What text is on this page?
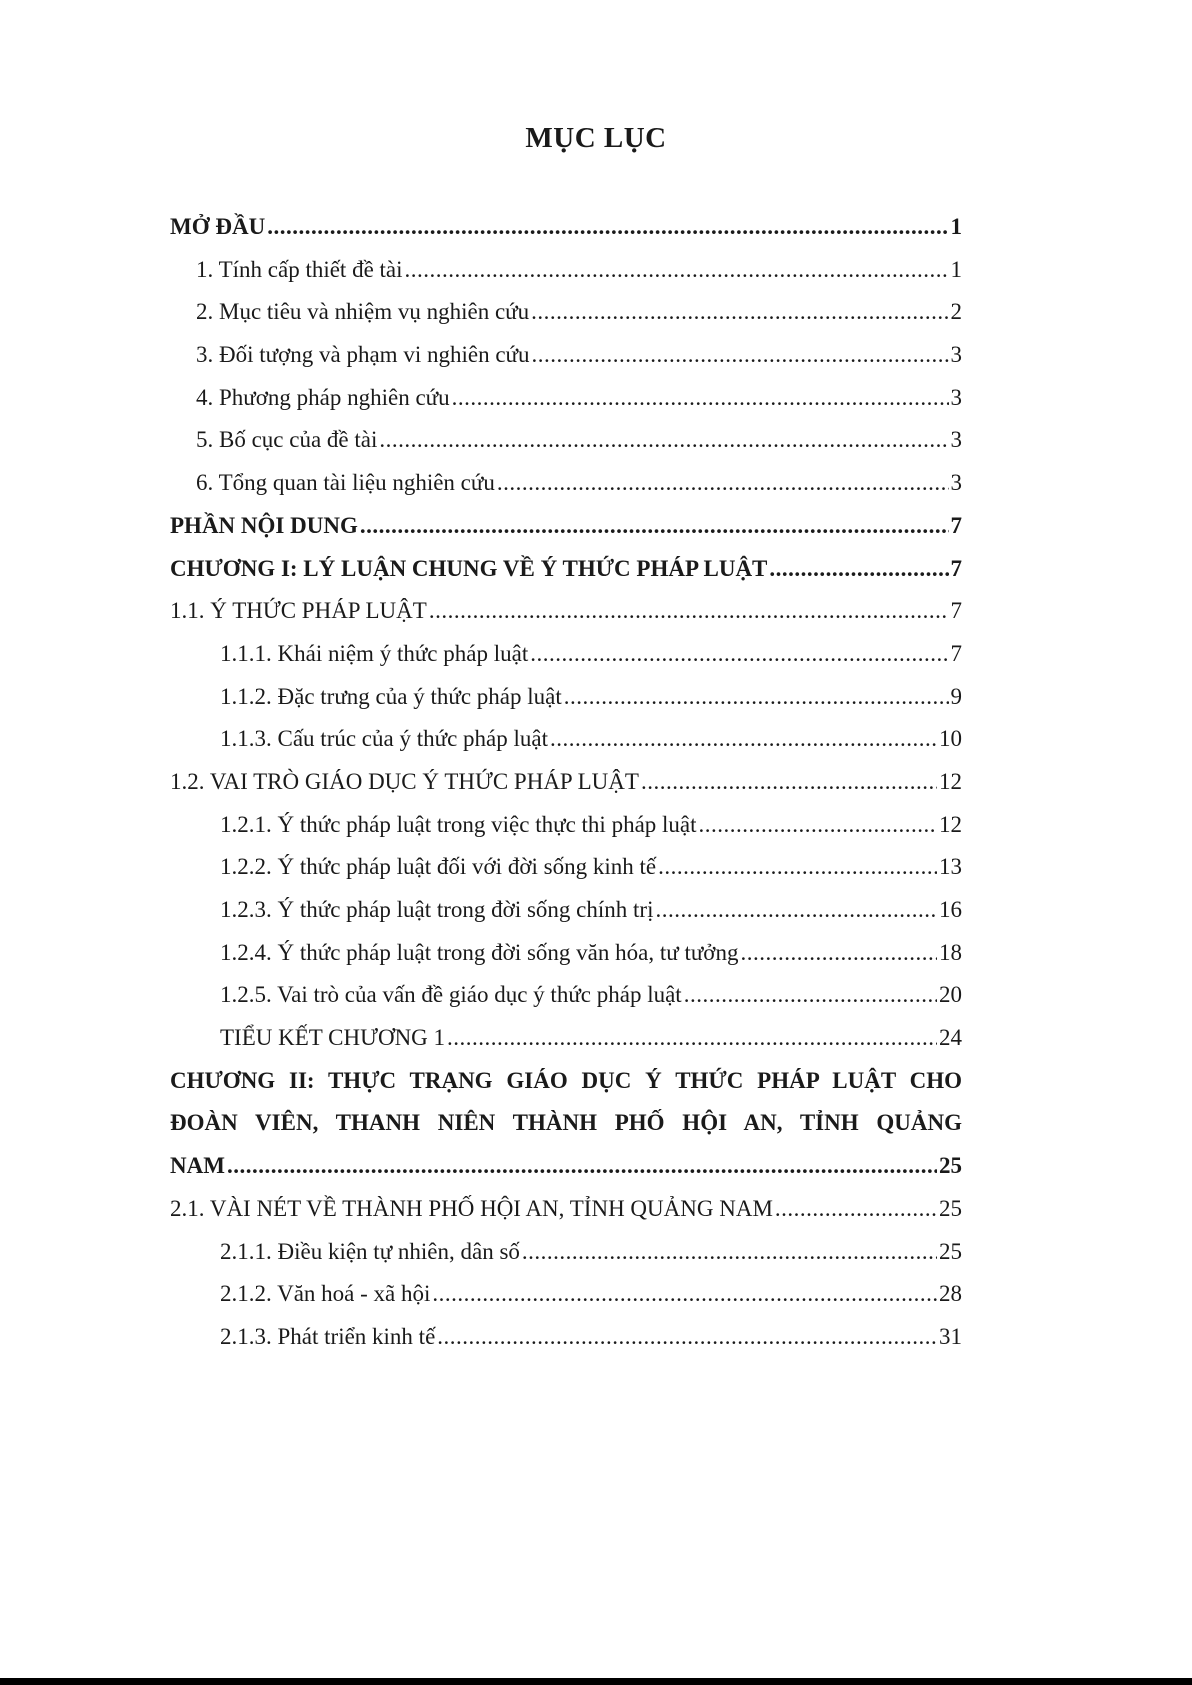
MỤC LỤC
MỞ ĐẦU .....	1
1. Tính cấp thiết đề tài .....	1
2. Mục tiêu và nhiệm vụ nghiên cứu .....	2
3. Đối tượng và phạm vi nghiên cứu .....	3
4. Phương pháp nghiên cứu .....	3
5. Bố cục của đề tài .....	3
6. Tổng quan tài liệu nghiên cứu .....	3
PHẦN NỘI DUNG .....	7
CHƯƠNG I: LÝ LUẬN CHUNG VỀ Ý THỨC PHÁP LUẬT .....	7
1.1. Ý THỨC PHÁP LUẬT .....	7
1.1.1. Khái niệm ý thức pháp luật .....	7
1.1.2. Đặc trưng của ý thức pháp luật .....	9
1.1.3. Cấu trúc của ý thức pháp luật .....	10
1.2. VAI TRÒ GIÁO DỤC Ý THỨC PHÁP LUẬT .....	12
1.2.1. Ý thức pháp luật trong việc thực thi pháp luật .....	12
1.2.2. Ý thức pháp luật đối với đời sống kinh tế .....	13
1.2.3. Ý thức pháp luật trong đời sống chính trị .....	16
1.2.4. Ý thức pháp luật trong đời sống văn hóa, tư tưởng .....	18
1.2.5. Vai trò của vấn đề giáo dục ý thức pháp luật .....	20
TIỂU KẾT CHƯƠNG 1 .....	24
CHƯƠNG II: THỰC TRẠNG GIÁO DỤC Ý THỨC PHÁP LUẬT CHO
ĐOÀN VIÊN, THANH NIÊN THÀNH PHỐ HỘI AN, TỈNH QUẢNG
NAM .....	25
2.1. VÀI NÉT VỀ THÀNH PHỐ HỘI AN, TỈNH QUẢNG NAM .....	25
2.1.1. Điều kiện tự nhiên, dân số .....	25
2.1.2. Văn hoá - xã hội .....	28
2.1.3. Phát triển kinh tế .....	31
